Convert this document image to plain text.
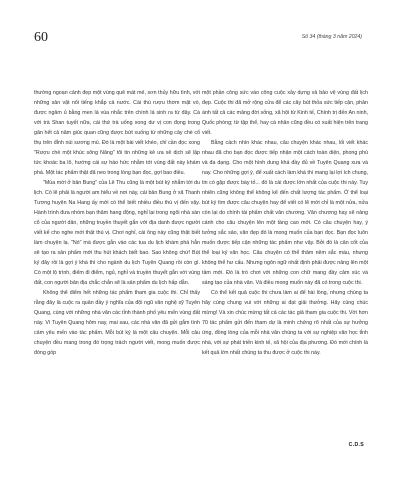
60	Số 34 (tháng 3 năm 2024)

thường ngoạn cảnh đẹp một vùng quê mát mẻ, sơn thủy hữu tình, với những sản vật nổi tiếng khắp cả nước. Cái thú rượu thơm mật vò, được ngâm ủ bằng men lá vùa nhắc trên chính lá sinh ra từ đây. Cá với trà Shan tuyết nữa, cái thứ trà uống xong dư vị con đọng trong gân hết cả năm giúc quan cũng được bứt xuống từ những cây chè cổ thụ trên đỉnh núi sương mù. Đó là một bài viết khéo, chỉ cần đọc xong "Rượu chè một khúc sông Năng" tôi tin những kẻ ưa xê dịch sẽ lập tức khoác ba lô, hướng cái sự háo hức nhằm tới vùng đất này khám phá. Một tác phẩm thật đã neo trong lòng bạn đọc, gợi bao điều.

"Mùa mới ở bản Bung" của Lê Thu cũng là một bút ký nhắm tới du lịch. Có lẽ phải là người am hiểu về nơi này, cái bản Bung ở xã Thanh Tương huyện Na Hang ấy mới có thể biết nhiều điều thú vị đến vậy. Hành trình đưa nhóm bạn thăm hang động, nghỉ lại trong ngôi nhà sàn cổ của người dân, những truyền thuyết gắn với địa danh được người viết kể cho nghe mới thật thú vị. Chơi nghỉ, cái ông này cũng thật biết làm chuyện lạ. "Nó" mà được gắn vào các tua du lịch khám phá hẳn sẽ tạo ra sản phẩm mới thu hút khách biết bao. Sao không chứ! Bút ký đây rồi là gợi ý khá thì cho ngành du lịch Tuyên Quang rồi còn gì. Có một lộ trình, điểm đi điểm, ngủ, nghỉ và truyền thuyết gắn với vùng đất, con người bản địa chắc chắn sẽ là sản phẩm du lịch hấp dẫn.

Không thể điểm hết những tác phẩm tham gia cuộc thi. Chỉ thấy rằng đây là cuộc ra quân đầy ý nghĩa của đội ngũ văn nghệ sỹ Tuyên Quang, cùng với những nhà văn các tỉnh thành phố yêu mến vùng đất này. Vì Tuyên Quang hôm nay, mai sau, các nhà văn đã gửi gắm tình cảm yêu mến vào tác phẩm. Mỗi bút ký là một câu chuyện. Mỗi câu chuyện đều mang trong đó trọng trách người viết, mong muốn được đóng góp

một phần công sức vào công cuộc xây dựng và bảo vệ vùng đất lịch đẹp. Cuộc thi đã mở rộng cửa để các cây bút thỏa sức tiếp cận, phản ánh tất cả các mảng đời sống, xã hội từ Kinh tế, Chính trị đến An ninh, Quốc phòng; từ tập thể, hay cá nhân cũng đều có xuất hiện trên trang viết.

Bằng cách nhìn khác nhau, câu chuyện khác nhau, lối viết khác nhau đã cho bạn đọc được tiếp nhận một cách toàn diện, phong phú và đa dạng. Cho một hình dung khá đầy đủ về Tuyên Quang xưa và nay. Cho những gợi ý, để xuất cách làm khá thì mang lại lợi ích chung, tin có gặp được bày tỏ... đó là cái được lớn nhất của cuộc thi này. Tuy nhiên cũng không thể không kể đến chất lượng tác phẩm. Ở thể loại bút ký tìm được câu chuyện hay để viết có lẽ mới chỉ là một nửa, nửa còn lại do chính tài phẩm chất văn chương. Văn chương hay sẽ nâng cánh cho câu chuyện lên một tầng cao mới. Có câu chuyện hay, ý tưởng sắc sảo, văn đẹp đó là mong muốn của bạn đọc. Bạn đọc luôn muốn được tiếp cận những tác phẩm như vậy. Bởi đó là cân cốt của thể loại ký văn học. Câu chuyện có thể thâm nêm sắc màu, nhưng không thể hư cấu. Nhưng ngôn ngữ nhất định phải được nâng lên một tầm mới. Đó là trò chơi với những con chữ mang đầy cảm xúc và sáng tạo của nhà văn. Và điều mong muốn này đã có trong cuộc thi.

Có thể kết quả cuộc thi chưa làm ai để hài lòng, nhưng chúng ta hãy cùng chung vui với những ai đạt giải thưởng. Hãy cùng chúc mừng! Và xin chúc mừng tất cả các tác giả tham gia cuộc thi. Với hơn 70 tác phẩm gửi đến tham dự là minh chứng rõ nhất của sự hưởng ứng, đồng lòng của mỗi nhà văn chúng ta với sự nghiệp văn học tỉnh nhà, với sự phát triển kinh tế, xã hội của địa phương. Đó mới chính là kết quả lớn nhất chúng ta thu được ở cuộc thi này.

C.D.S
